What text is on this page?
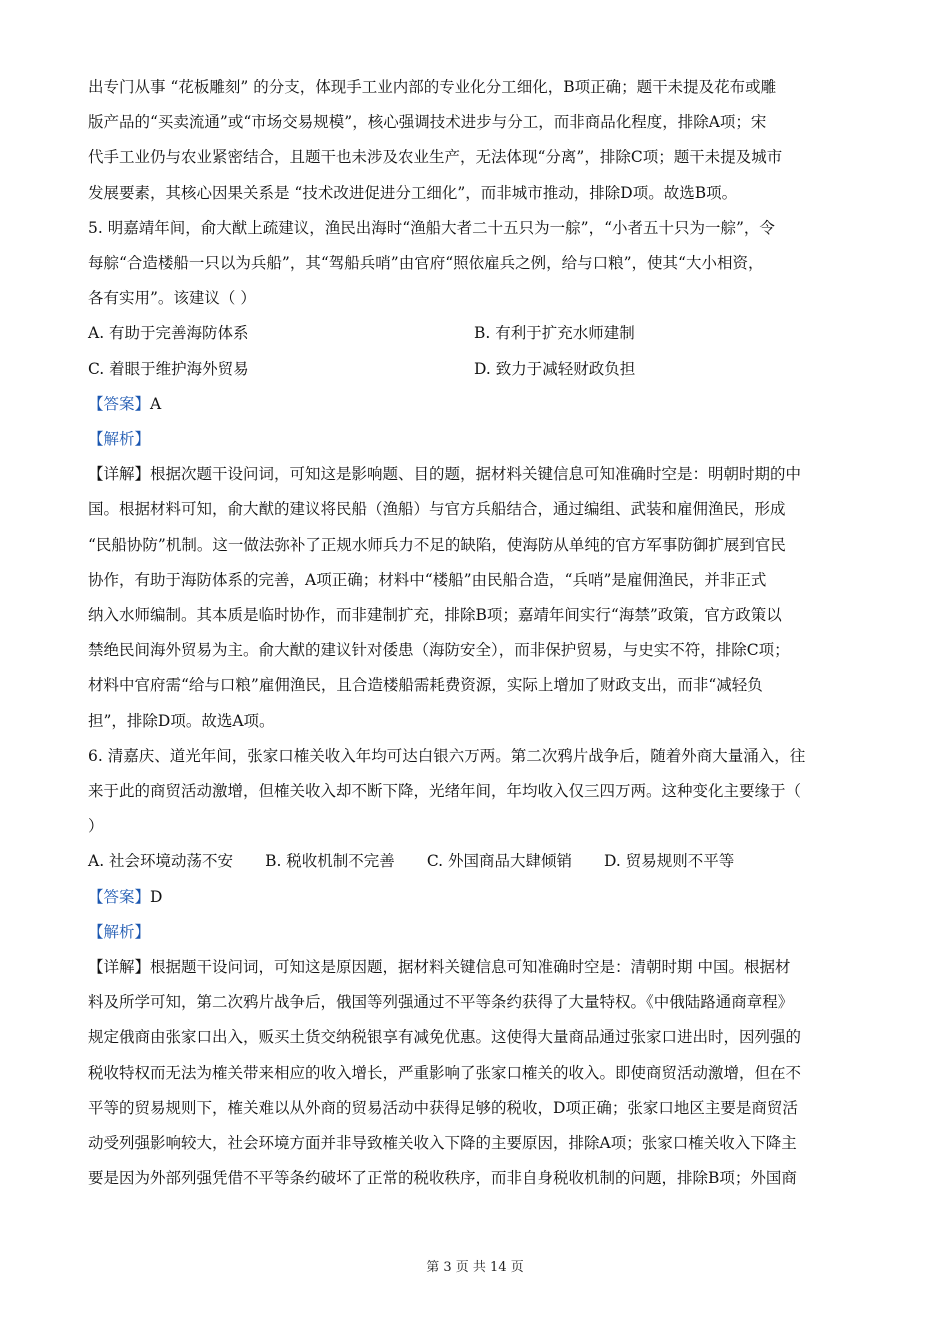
出专门从事 “花板雕刻” 的分支，体现手工业内部的专业化分工细化，B项正确；题干未提及花布或雕

版产品的“买卖流通”或“市场交易规模”，核心强调技术进步与分工，而非商品化程度，排除A项；宋

代手工业仍与农业紧密结合，且题干也未涉及农业生产，无法体现“分离”，排除C项；题干未提及城市

发展要素，其核心因果关系是 “技术改进促进分工细化”，而非城市推动，排除D项。故选B项。

5. 明嘉靖年间，俞大猷上疏建议，渔民出海时“渔船大者二十五只为一䑸”，“小者五十只为一䑸”，令

每䑸“合造楼船一只以为兵船”，其“驾船兵哨”由官府“照依雇兵之例，给与口粮”，使其“大小相资，

各有实用”。该建议（ ）

A. 有助于完善海防体系	B. 有利于扩充水师建制
C. 着眼于维护海外贸易	D. 致力于减轻财政负担

【答案】A

【解析】

【详解】根据次题干设问词，可知这是影响题、目的题，据材料关键信息可知准确时空是：明朝时期的中

国。根据材料可知，俞大猷的建议将民船（渔船）与官方兵船结合，通过编组、武装和雇佣渔民，形成

“民船协防”机制。这一做法弥补了正规水师兵力不足的缺陷，使海防从单纯的官方军事防御扩展到官民

协作，有助于海防体系的完善，A项正确；材料中“楼船”由民船合造，“兵哨”是雇佣渔民，并非正式

纳入水师编制。其本质是临时协作，而非建制扩充，排除B项；嘉靖年间实行“海禁”政策，官方政策以

禁绝民间海外贸易为主。俞大猷的建议针对倭患（海防安全），而非保护贸易，与史实不符，排除C项；

材料中官府需“给与口粮”雇佣渔民，且合造楼船需耗费资源，实际上增加了财政支出，而非“减轻负

担”，排除D项。故选A项。

6. 清嘉庆、道光年间，张家口榷关收入年均可达白银六万两。第二次鸦片战争后，随着外商大量涌入，往

来于此的商贸活动激增，但榷关收入却不断下降，光绪年间，年均收入仅三四万两。这种变化主要缘于（

）

A. 社会环境动荡不安 B. 税收机制不完善 C. 外国商品大肆倾销 D. 贸易规则不平等

【答案】D

【解析】

【详解】根据题干设问词，可知这是原因题，据材料关键信息可知准确时空是：清朝时期 中国。根据材

料及所学可知，第二次鸦片战争后，俄国等列强通过不平等条约获得了大量特权。《中俄陆路通商章程》

规定俄商由张家口出入，贩买土货交纳税银享有减免优惠。这使得大量商品通过张家口进出时，因列强的

税收特权而无法为榷关带来相应的收入增长，严重影响了张家口榷关的收入。即使商贸活动激增，但在不

平等的贸易规则下，榷关难以从外商的贸易活动中获得足够的税收，D项正确；张家口地区主要是商贸活

动受列强影响较大，社会环境方面并非导致榷关收入下降的主要原因，排除A项；张家口榷关收入下降主

要是因为外部列强凭借不平等条约破坏了正常的税收秩序，而非自身税收机制的问题，排除B项；外国商

第 3 页 共 14 页
